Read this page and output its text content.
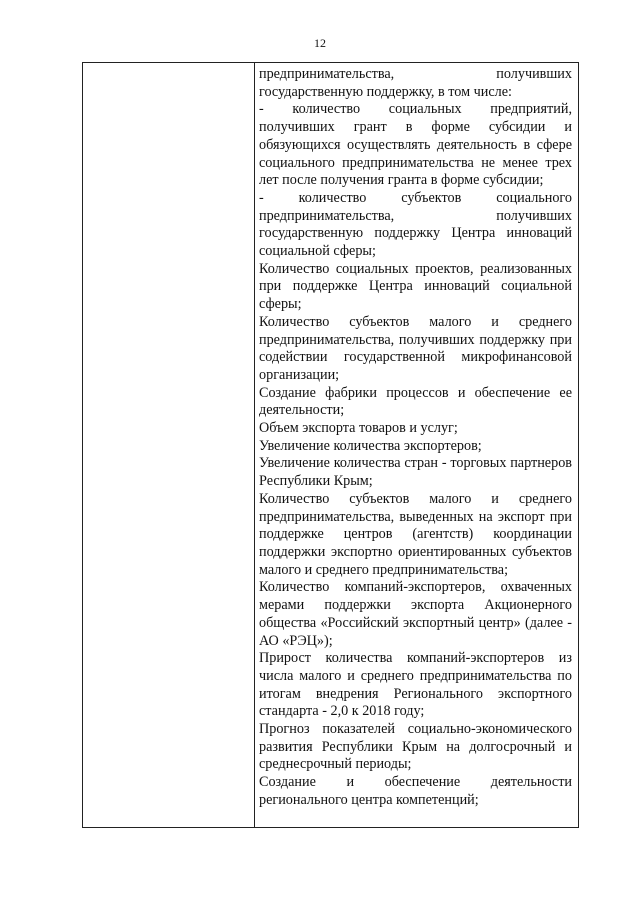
12

предпринимательства, получивших государственную поддержку, в том числе:

- количество социальных предприятий, получивших грант в форме субсидии и обязующихся осуществлять деятельность в сфере социального предпринимательства не менее трех лет после получения гранта в форме субсидии;

- количество субъектов социального предпринимательства, получивших государственную поддержку Центра инноваций социальной сферы;

Количество социальных проектов, реализованных при поддержке Центра инноваций социальной сферы;

Количество субъектов малого и среднего предпринимательства, получивших поддержку при содействии государственной микрофинансовой организации;

Создание фабрики процессов и обеспечение ее деятельности;

Объем экспорта товаров и услуг;

Увеличение количества экспортеров;

Увеличение количества стран - торговых партнеров Республики Крым;

Количество субъектов малого и среднего предпринимательства, выведенных на экспорт при поддержке центров (агентств) координации поддержки экспортно ориентированных субъектов малого и среднего предпринимательства;

Количество компаний-экспортеров, охваченных мерами поддержки экспорта Акционерного общества «Российский экспортный центр» (далее - АО «РЭЦ»);

Прирост количества компаний-экспортеров из числа малого и среднего предпринимательства по итогам внедрения Регионального экспортного стандарта - 2,0 к 2018 году;

Прогноз показателей социально-экономического развития Республики Крым на долгосрочный и среднесрочный периоды;

Создание и обеспечение деятельности регионального центра компетенций;
